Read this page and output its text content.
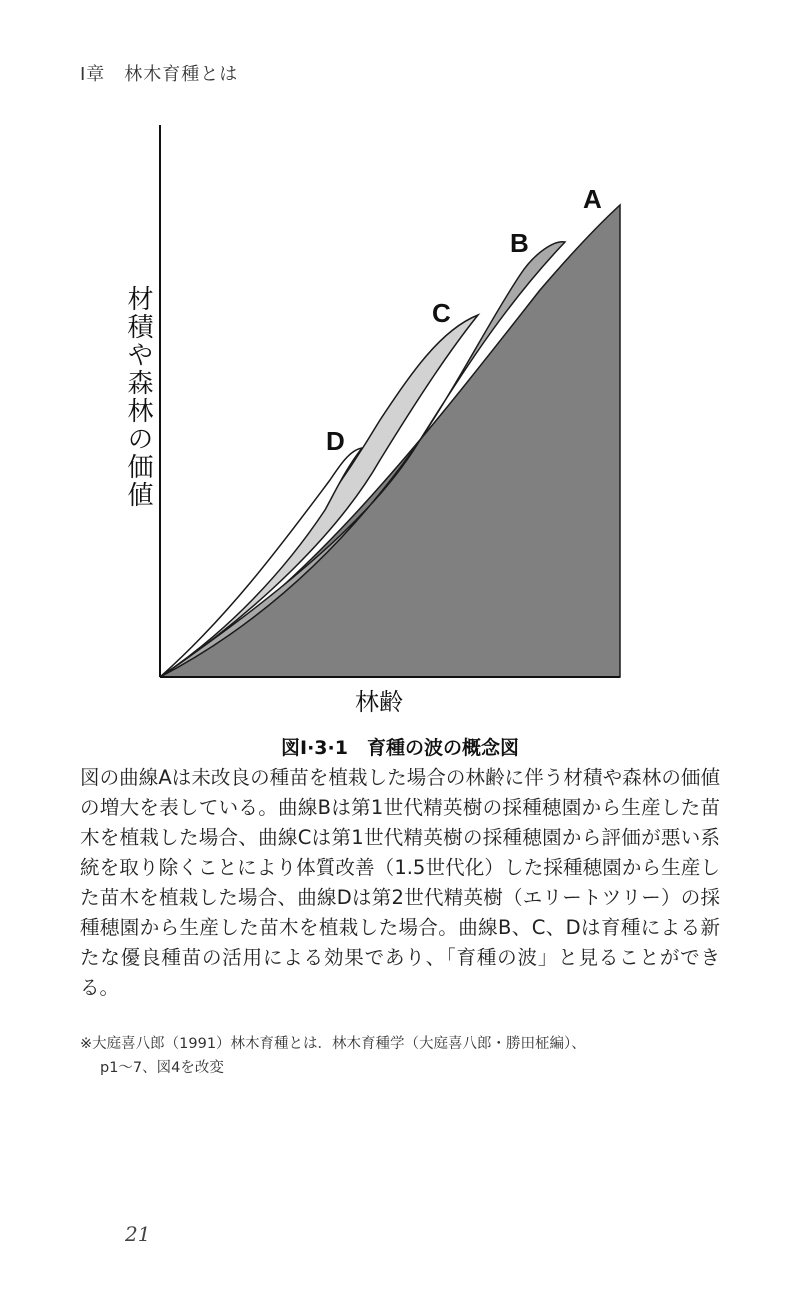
Ⅰ章　林木育種とは
材積や森林の価値
林齢
A
B
C
D
図Ⅰ·3·1　育種の波の概念図
図の曲線Aは未改良の種苗を植栽した場合の林齢に伴う材積や森林の価値の増大を表している。曲線Bは第1世代精英樹の採種穂園から生産した苗木を植栽した場合、曲線Cは第1世代精英樹の採種穂園から評価が悪い系統を取り除くことにより体質改善（1.5世代化）した採種穂園から生産した苗木を植栽した場合、曲線Dは第2世代精英樹（エリートツリー）の採種穂園から生産した苗木を植栽した場合。曲線B、C、Dは育種による新たな優良種苗の活用による効果であり、「育種の波」と見ることができる。
※大庭喜八郎（1991）林木育種とは．林木育種学（大庭喜八郎・勝田柾編）、
p1～7、図4を改変
21
